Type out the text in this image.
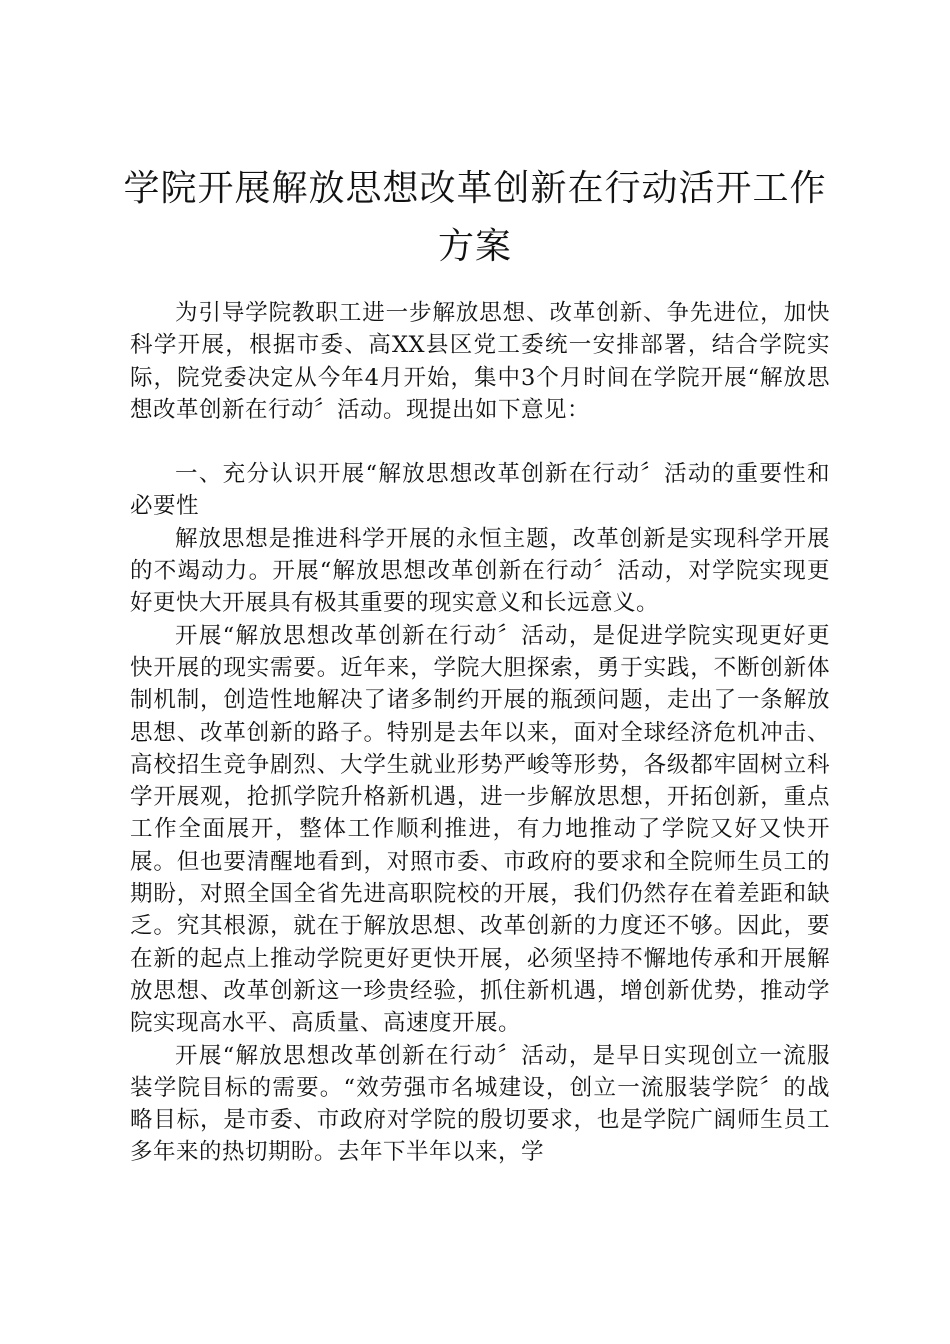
学院开展解放思想改革创新在行动活开工作方案

为引导学院教职工进一步解放思想、改革创新、争先进位，加快科学开展，根据市委、高XX县区党工委统一安排部署，结合学院实际，院党委决定从今年4月开始，集中3个月时间在学院开展“解放思想改革创新在行动〞活动。现提出如下意见：

一、充分认识开展“解放思想改革创新在行动〞活动的重要性和必要性

解放思想是推进科学开展的永恒主题，改革创新是实现科学开展的不竭动力。开展“解放思想改革创新在行动〞活动，对学院实现更好更快大开展具有极其重要的现实意义和长远意义。

开展“解放思想改革创新在行动〞活动，是促进学院实现更好更快开展的现实需要。近年来，学院大胆探索，勇于实践，不断创新体制机制，创造性地解决了诸多制约开展的瓶颈问题，走出了一条解放思想、改革创新的路子。特别是去年以来，面对全球经济危机冲击、高校招生竞争剧烈、大学生就业形势严峻等形势，各级都牢固树立科学开展观，抢抓学院升格新机遇，进一步解放思想，开拓创新，重点工作全面展开，整体工作顺利推进，有力地推动了学院又好又快开展。但也要清醒地看到，对照市委、市政府的要求和全院师生员工的期盼，对照全国全省先进高职院校的开展，我们仍然存在着差距和缺乏。究其根源，就在于解放思想、改革创新的力度还不够。因此，要在新的起点上推动学院更好更快开展，必须坚持不懈地传承和开展解放思想、改革创新这一珍贵经验，抓住新机遇，增创新优势，推动学院实现高水平、高质量、高速度开展。

开展“解放思想改革创新在行动〞活动，是早日实现创立一流服装学院目标的需要。“效劳强市名城建设，创立一流服装学院〞的战略目标，是市委、市政府对学院的殷切要求，也是学院广阔师生员工多年来的热切期盼。去年下半年以来，学
